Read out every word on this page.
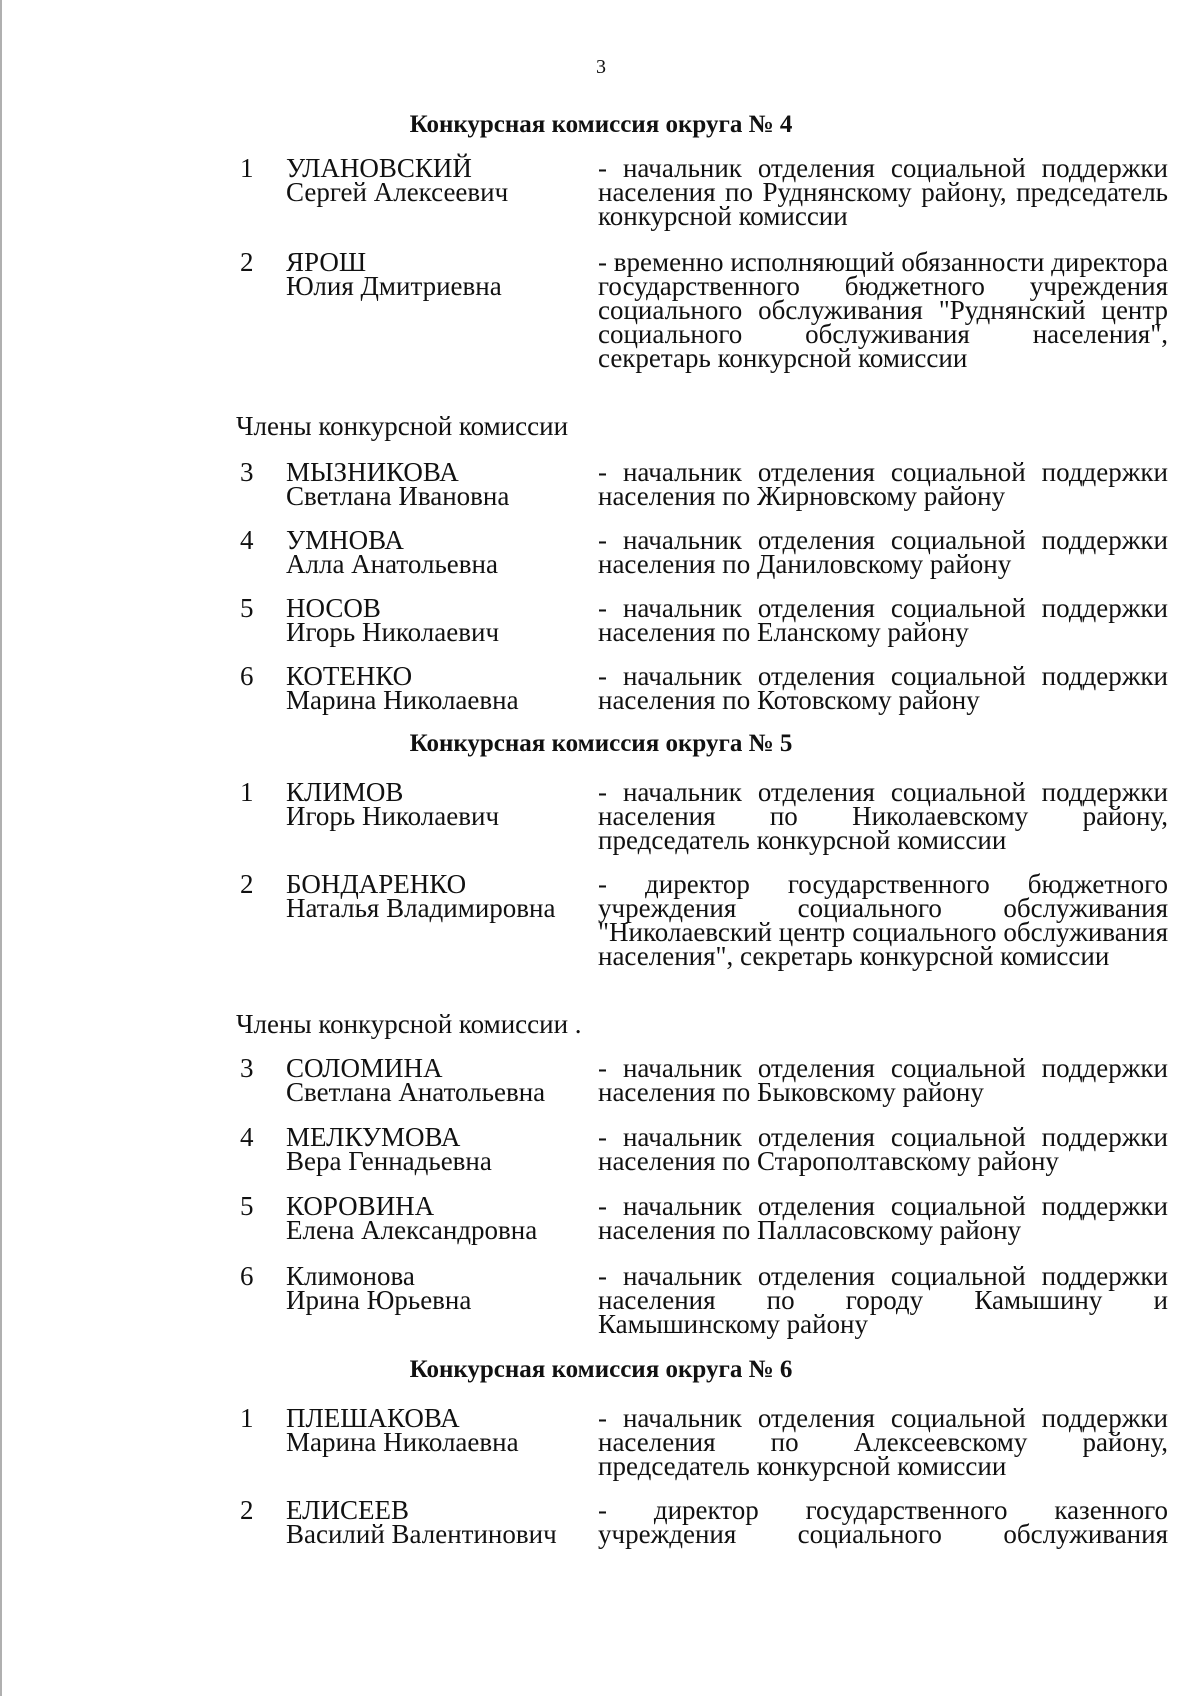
3
Конкурсная комиссия округа № 4
1 УЛАНОВСКИЙ
Сергей Алексеевич
- начальник отделения социальной поддержки населения по Руднянскому району, председатель конкурсной комиссии
2 ЯРОШ
Юлия Дмитриевна
- временно исполняющий обязанности директора государственного бюджетного учреждения социального обслуживания "Руднянский центр социального обслуживания населения", секретарь конкурсной комиссии
Члены конкурсной комиссии
3 МЫЗНИКОВА
Светлана Ивановна
- начальник отделения социальной поддержки населения по Жирновскому району
4 УМНОВА
Алла Анатольевна
- начальник отделения социальной поддержки населения по Даниловскому району
5 НОСОВ
Игорь Николаевич
- начальник отделения социальной поддержки населения по Еланскому району
6 КОТЕНКО
Марина Николаевна
- начальник отделения социальной поддержки населения по Котовскому району
Конкурсная комиссия округа № 5
1 КЛИМОВ
Игорь Николаевич
- начальник отделения социальной поддержки населения по Николаевскому району, председатель конкурсной комиссии
2 БОНДАРЕНКО
Наталья Владимировна
- директор государственного бюджетного учреждения социального обслуживания "Николаевский центр социального обслуживания населения", секретарь конкурсной комиссии
Члены конкурсной комиссии .
3 СОЛОМИНА
Светлана Анатольевна
- начальник отделения социальной поддержки населения по Быковскому району
4 МЕЛКУМОВА
Вера Геннадьевна
- начальник отделения социальной поддержки населения по Старополтавскому району
5 КОРОВИНА
Елена Александровна
- начальник отделения социальной поддержки населения по Палласовскому району
6 Климонова
Ирина Юрьевна
- начальник отделения социальной поддержки населения по городу Камышину и Камышинскому району
Конкурсная комиссия округа № 6
1 ПЛЕШАКОВА
Марина Николаевна
- начальник отделения социальной поддержки населения по Алексеевскому району, председатель конкурсной комиссии
2 ЕЛИСЕЕВ
Василий Валентинович
- директор государственного казенного учреждения социального обслуживания
